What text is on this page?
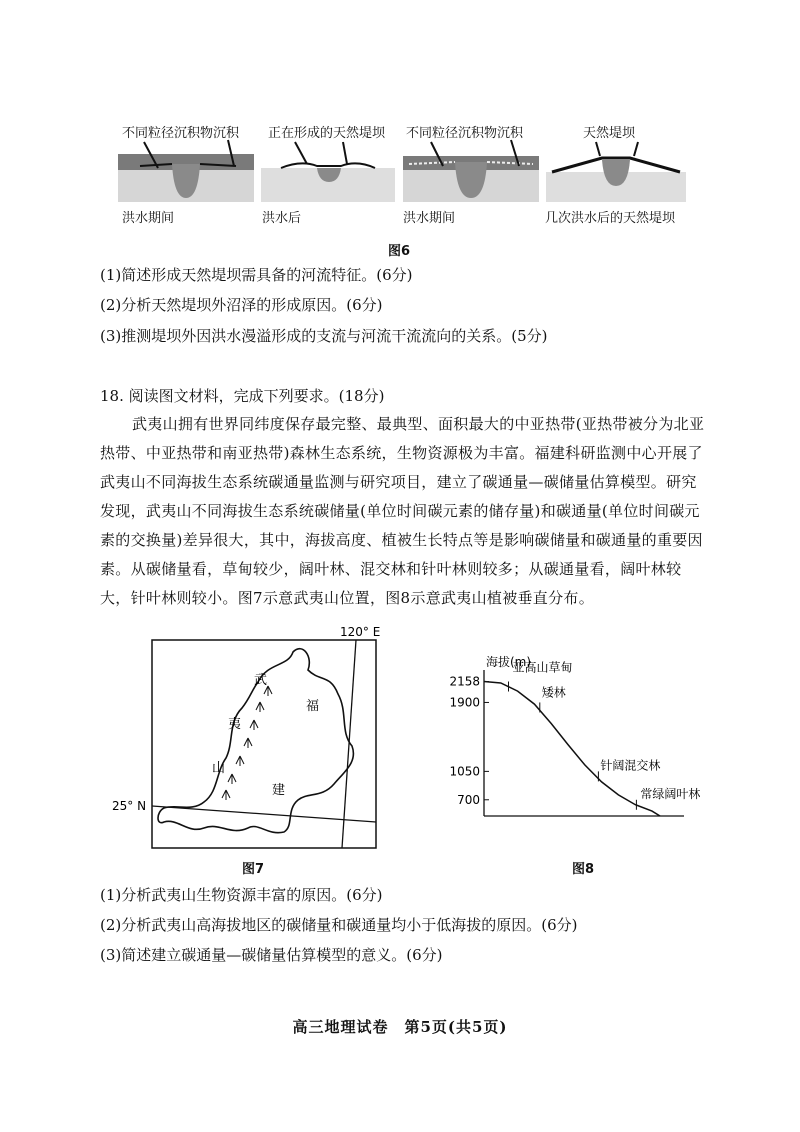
不同粒径沉积物沉积 正在形成的天然堤坝 不同粒径沉积物沉积	天然堤坝
洪水期间	洪水后	洪水期间	几次洪水后的天然堤坝
图6
(1)简述形成天然堤坝需具备的河流特征。(6分)
(2)分析天然堤坝外沼泽的形成原因。(6分)
(3)推测堤坝外因洪水漫溢形成的支流与河流干流流向的关系。(5分)
18. 阅读图文材料，完成下列要求。(18分)
武夷山拥有世界同纬度保存最完整、最典型、面积最大的中亚热带(亚热带被分为北亚热带、中亚热带和南亚热带)森林生态系统，生物资源极为丰富。福建科研监测中心开展了武夷山不同海拔生态系统碳通量监测与研究项目，建立了碳通量—碳储量估算模型。研究发现，武夷山不同海拔生态系统碳储量(单位时间碳元素的储存量)和碳通量(单位时间碳元素的交换量)差异很大，其中，海拔高度、植被生长特点等是影响碳储量和碳通量的重要因素。从碳储量看，草甸较少，阔叶林、混交林和针叶林则较多；从碳通量看，阔叶林较大，针叶林则较小。图7示意武夷山位置，图8示意武夷山植被垂直分布。
120° E
25° N
武
夷
山
福
建
图7
海拔(m)
700
1050
1900
2158
亚高山草甸
矮林
针阔混交林
常绿阔叶林
图8
(1)分析武夷山生物资源丰富的原因。(6分)
(2)分析武夷山高海拔地区的碳储量和碳通量均小于低海拔的原因。(6分)
(3)简述建立碳通量—碳储量估算模型的意义。(6分)
高三地理试卷　第5页(共5页)
